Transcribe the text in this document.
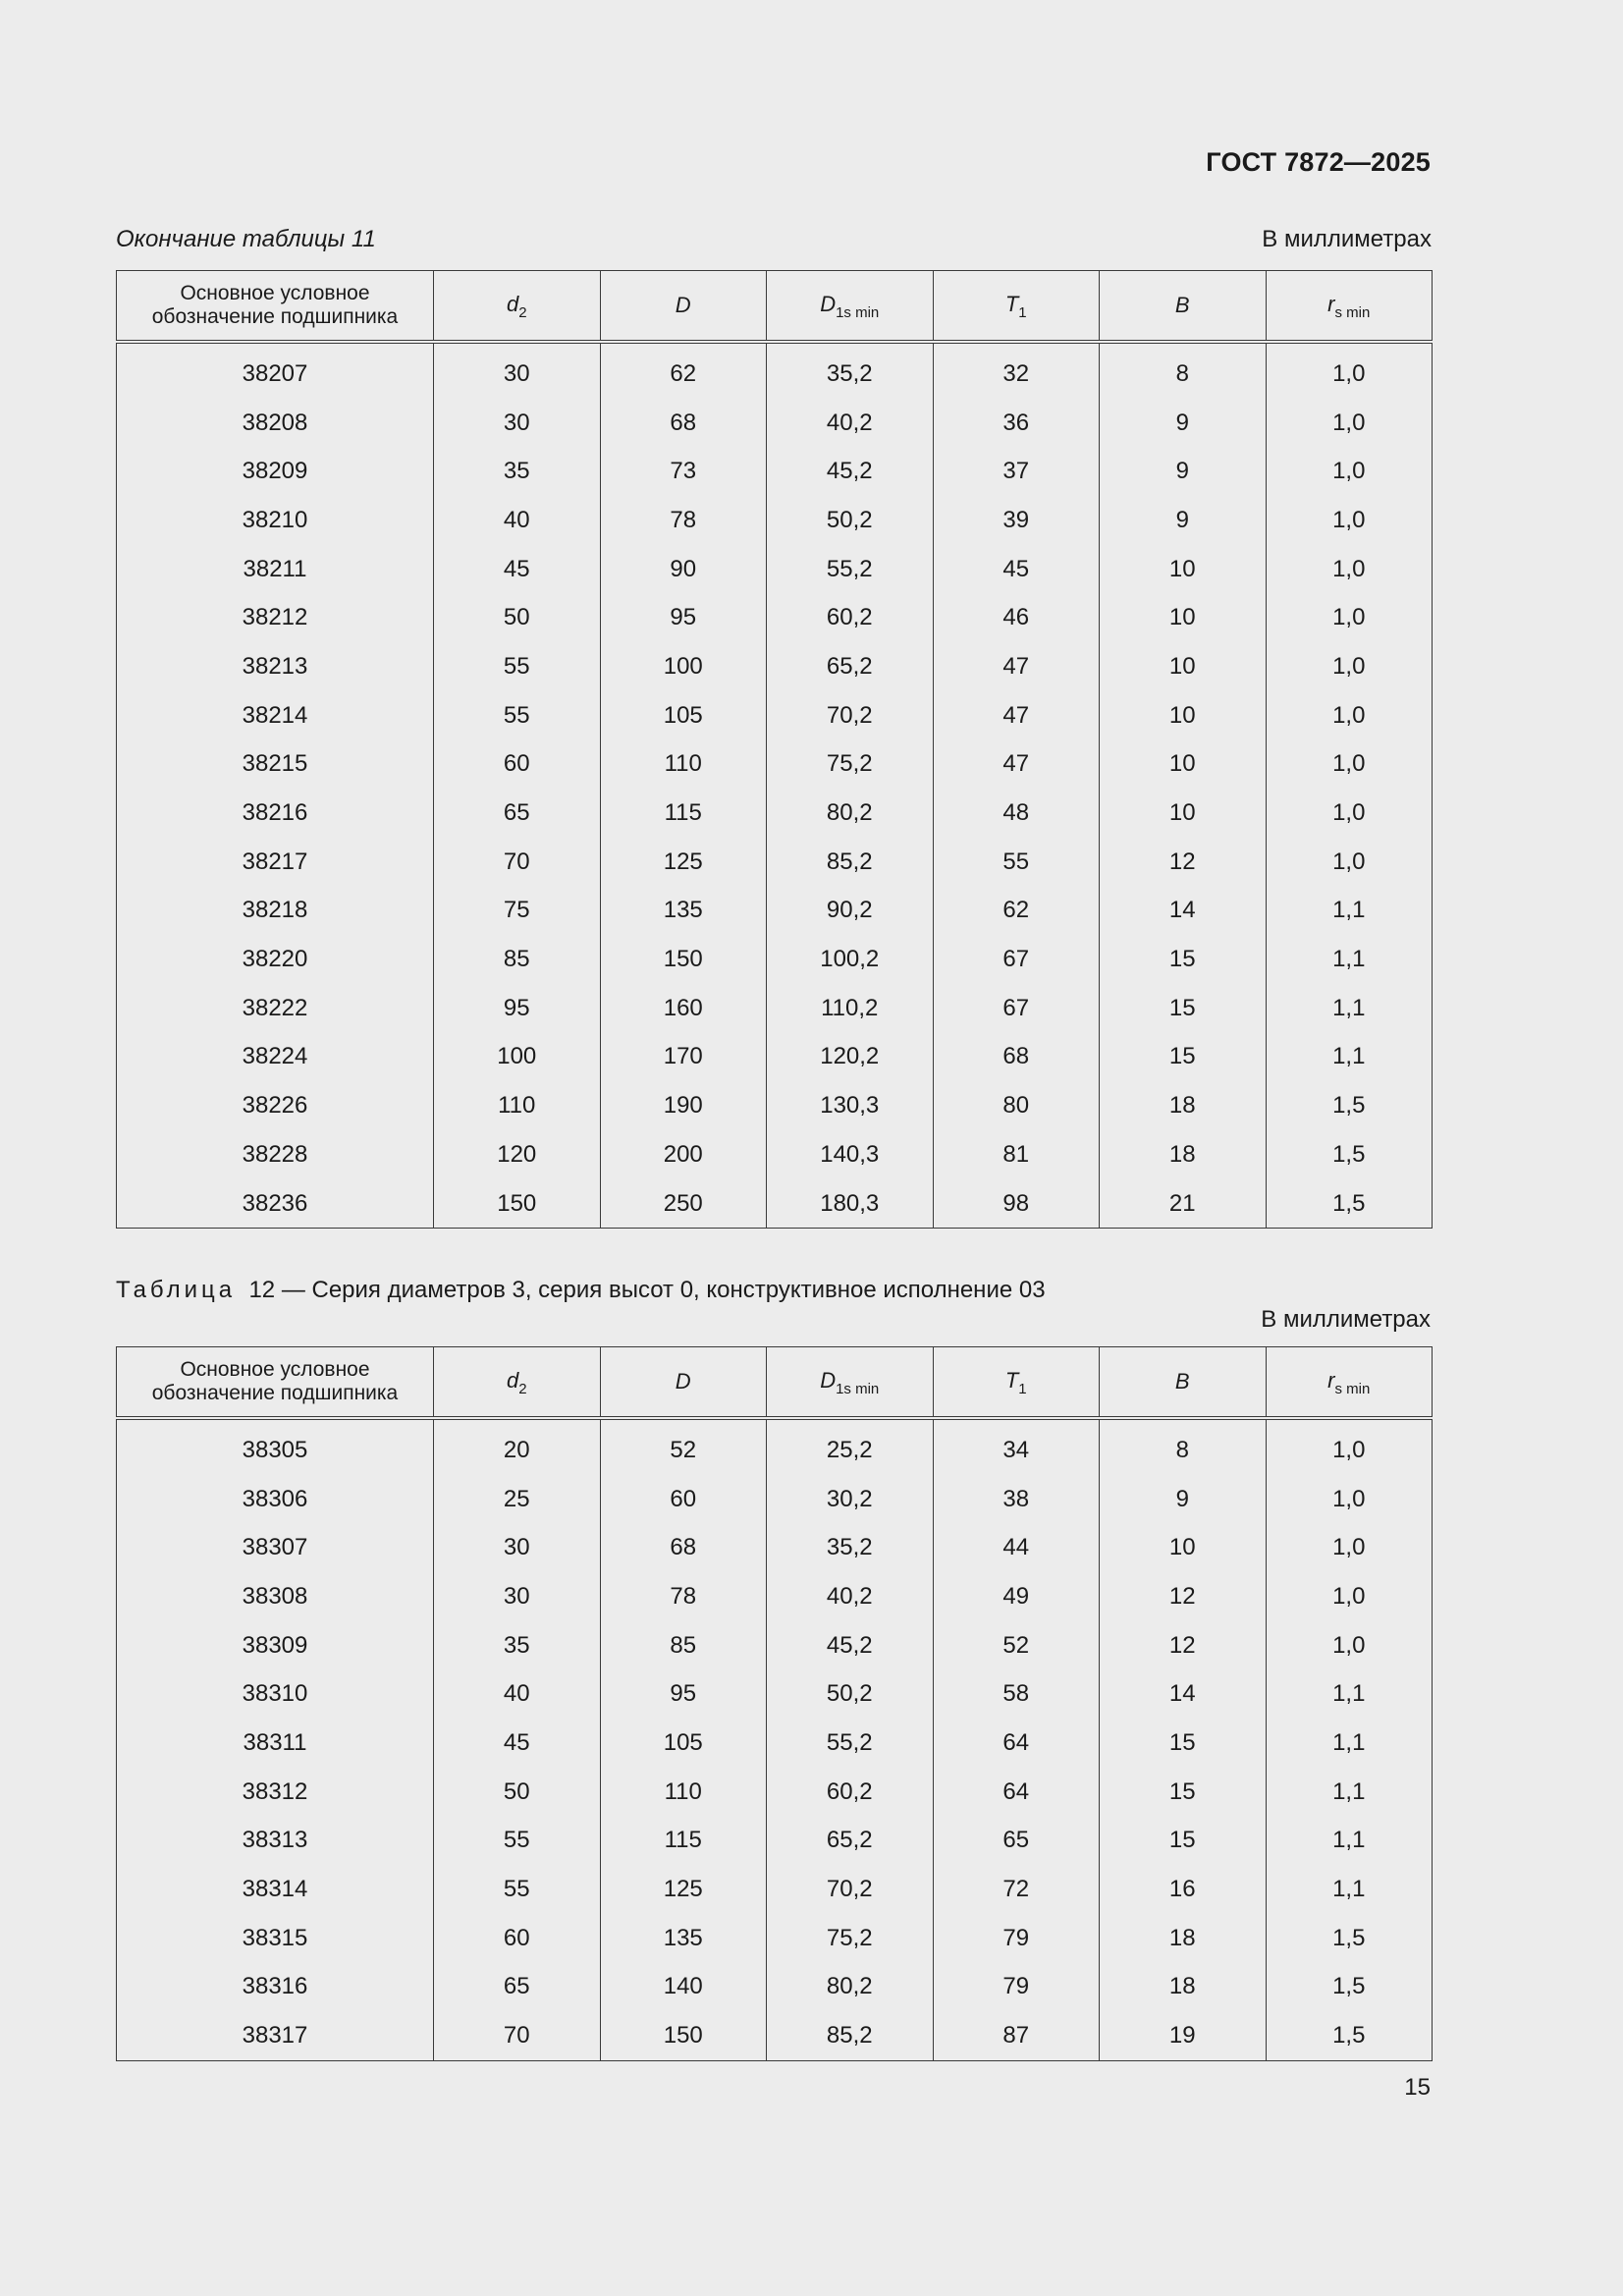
ГОСТ 7872—2025
Окончание таблицы 11	В миллиметрах
Основное условное обозначение подшипника	$d_2$	D	$D_{1s min}$	$T_1$	B	$r_{s min}$
38207	30	62	35,2	32	8	1,0
38208	30	68	40,2	36	9	1,0
38209	35	73	45,2	37	9	1,0
38210	40	78	50,2	39	9	1,0
38211	45	90	55,2	45	10	1,0
38212	50	95	60,2	46	10	1,0
38213	55	100	65,2	47	10	1,0
38214	55	105	70,2	47	10	1,0
38215	60	110	75,2	47	10	1,0
38216	65	115	80,2	48	10	1,0
38217	70	125	85,2	55	12	1,0
38218	75	135	90,2	62	14	1,1
38220	85	150	100,2	67	15	1,1
38222	95	160	110,2	67	15	1,1
38224	100	170	120,2	68	15	1,1
38226	110	190	130,3	80	18	1,5
38228	120	200	140,3	81	18	1,5
38236	150	250	180,3	98	21	1,5
Таблица 12 — Серия диаметров 3, серия высот 0, конструктивное исполнение 03
В миллиметрах
Основное условное обозначение подшипника	$d_2$	D	$D_{1s min}$	$T_1$	B	$r_{s min}$
38305	20	52	25,2	34	8	1,0
38306	25	60	30,2	38	9	1,0
38307	30	68	35,2	44	10	1,0
38308	30	78	40,2	49	12	1,0
38309	35	85	45,2	52	12	1,0
38310	40	95	50,2	58	14	1,1
38311	45	105	55,2	64	15	1,1
38312	50	110	60,2	64	15	1,1
38313	55	115	65,2	65	15	1,1
38314	55	125	70,2	72	16	1,1
38315	60	135	75,2	79	18	1,5
38316	65	140	80,2	79	18	1,5
38317	70	150	85,2	87	19	1,5
15
